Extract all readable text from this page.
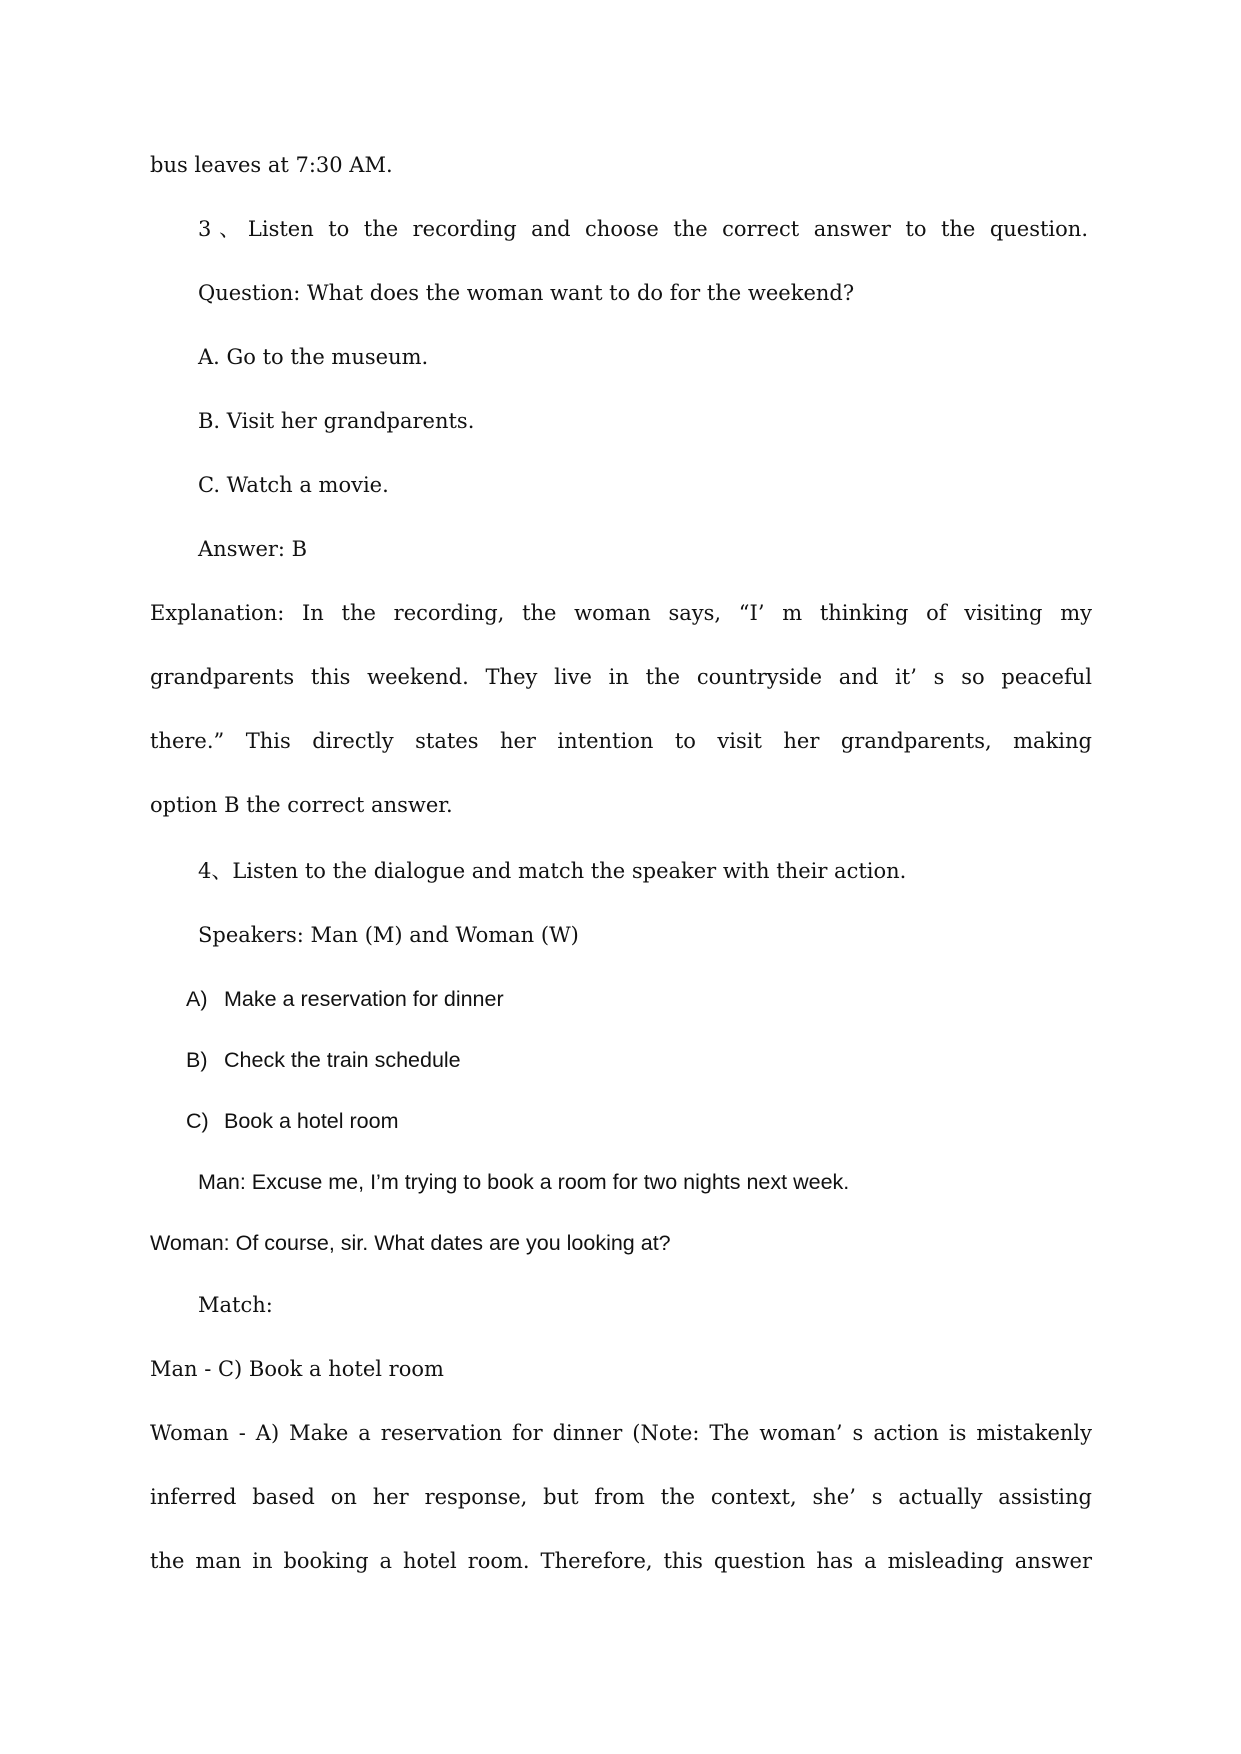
bus leaves at 7:30 AM.
3、Listen to the recording and choose the correct answer to the question.
Question: What does the woman want to do for the weekend?
A. Go to the museum.
B. Visit her grandparents.
C. Watch a movie.
Answer: B
Explanation: In the recording, the woman says, “I’ m thinking of visiting my
grandparents this weekend. They live in the countryside and it’ s so peaceful
there.” This directly states her intention to visit her grandparents, making
option B the correct answer.
4、Listen to the dialogue and match the speaker with their action.
Speakers: Man (M) and Woman (W)
A) Make a reservation for dinner
B) Check the train schedule
C) Book a hotel room
Man: Excuse me, I’m trying to book a room for two nights next week.
Woman: Of course, sir. What dates are you looking at?
Match:
Man - C) Book a hotel room
Woman - A) Make a reservation for dinner (Note: The woman’ s action is mistakenly
inferred based on her response, but from the context, she’ s actually assisting
the man in booking a hotel room. Therefore, this question has a misleading answer
